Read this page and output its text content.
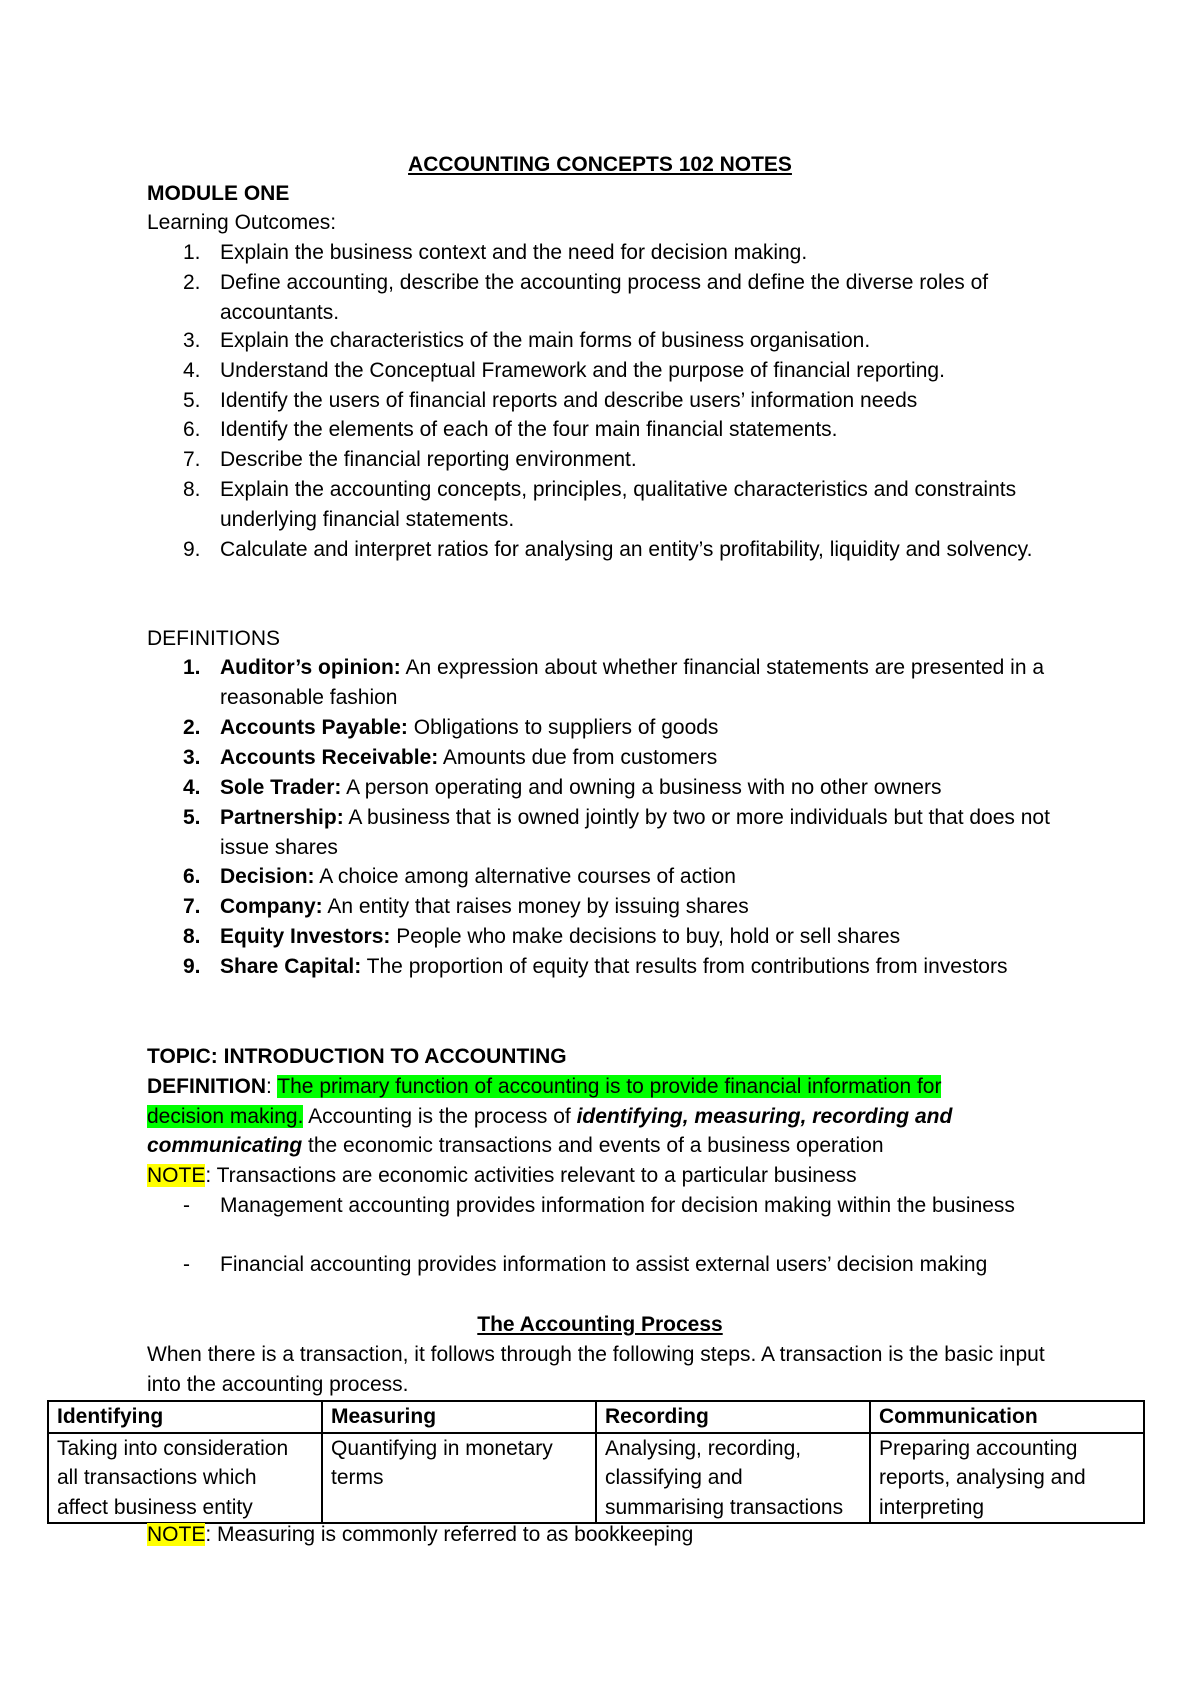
ACCOUNTING CONCEPTS 102 NOTES
MODULE ONE
Learning Outcomes:
1. Explain the business context and the need for decision making.
2. Define accounting, describe the accounting process and define the diverse roles of accountants.
3. Explain the characteristics of the main forms of business organisation.
4. Understand the Conceptual Framework and the purpose of financial reporting.
5. Identify the users of financial reports and describe users’ information needs
6. Identify the elements of each of the four main financial statements.
7. Describe the financial reporting environment.
8. Explain the accounting concepts, principles, qualitative characteristics and constraints underlying financial statements.
9. Calculate and interpret ratios for analysing an entity’s profitability, liquidity and solvency.
DEFINITIONS
1. Auditor’s opinion: An expression about whether financial statements are presented in a reasonable fashion
2. Accounts Payable: Obligations to suppliers of goods
3. Accounts Receivable: Amounts due from customers
4. Sole Trader: A person operating and owning a business with no other owners
5. Partnership: A business that is owned jointly by two or more individuals but that does not issue shares
6. Decision: A choice among alternative courses of action
7. Company: An entity that raises money by issuing shares
8. Equity Investors: People who make decisions to buy, hold or sell shares
9. Share Capital: The proportion of equity that results from contributions from investors
TOPIC: INTRODUCTION TO ACCOUNTING
DEFINITION: The primary function of accounting is to provide financial information for
decision making. Accounting is the process of identifying, measuring, recording and
communicating the economic transactions and events of a business operation
NOTE: Transactions are economic activities relevant to a particular business
- Management accounting provides information for decision making within the business
- Financial accounting provides information to assist external users’ decision making
The Accounting Process
When there is a transaction, it follows through the following steps. A transaction is the basic input into the accounting process.
Identifying	Measuring	Recording	Communication
Taking into consideration all transactions which affect business entity	Quantifying in monetary terms	Analysing, recording, classifying and summarising transactions	Preparing accounting reports, analysing and interpreting
NOTE: Measuring is commonly referred to as bookkeeping
